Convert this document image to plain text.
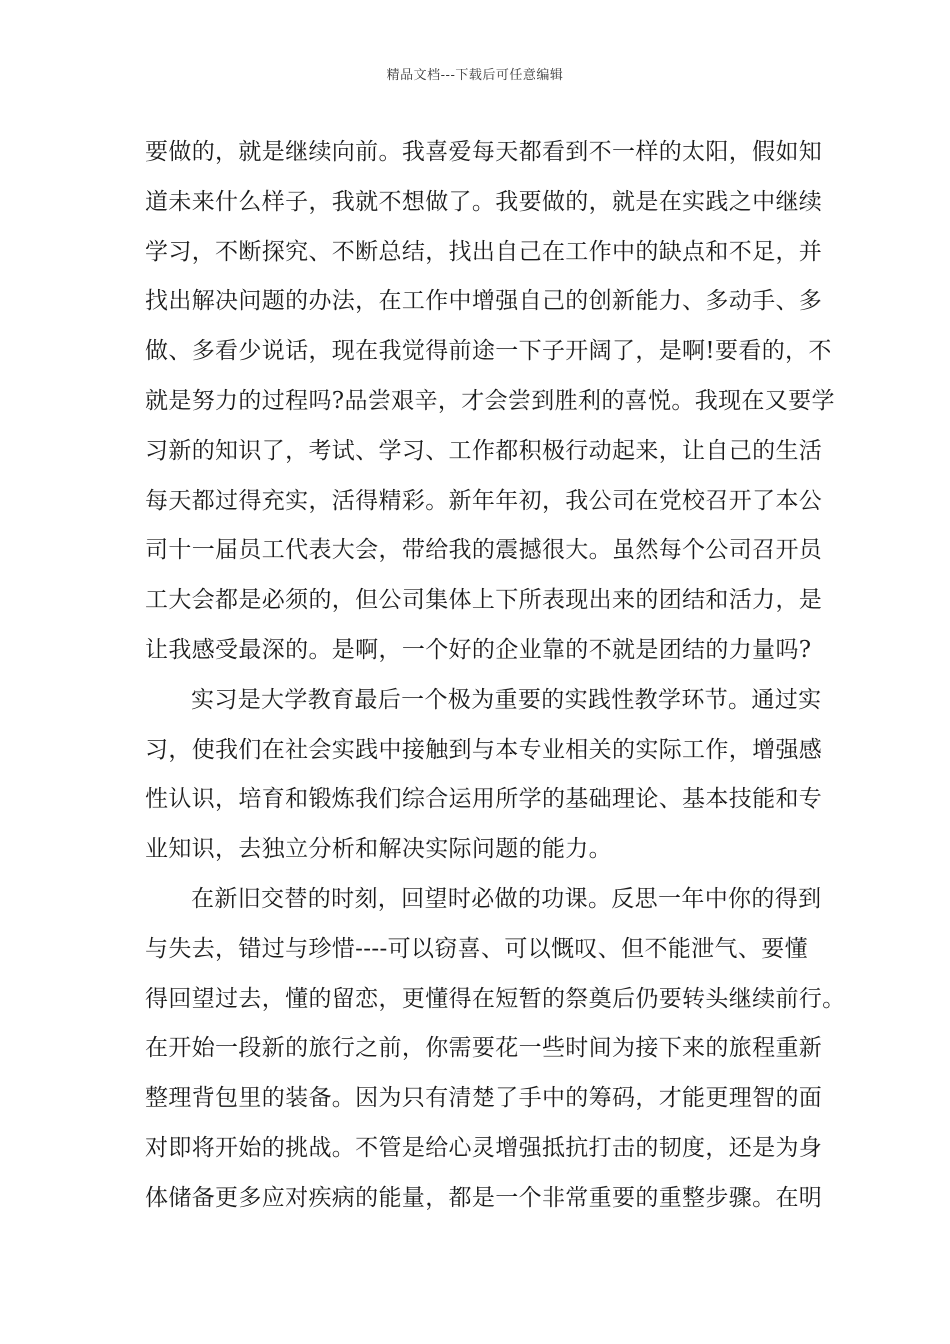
精品文档---下载后可任意编辑
要做的，就是继续向前。我喜爱每天都看到不一样的太阳，假如知
道未来什么样子，我就不想做了。我要做的，就是在实践之中继续
学习，不断探究、不断总结，找出自己在工作中的缺点和不足，并
找出解决问题的办法，在工作中增强自己的创新能力、多动手、多
做、多看少说话，现在我觉得前途一下子开阔了，是啊!要看的，不
就是努力的过程吗?品尝艰辛，才会尝到胜利的喜悦。我现在又要学
习新的知识了，考试、学习、工作都积极行动起来，让自己的生活
每天都过得充实，活得精彩。新年年初，我公司在党校召开了本公
司十一届员工代表大会，带给我的震撼很大。虽然每个公司召开员
工大会都是必须的，但公司集体上下所表现出来的团结和活力，是
让我感受最深的。是啊，一个好的企业靠的不就是团结的力量吗?
实习是大学教育最后一个极为重要的实践性教学环节。通过实
习，使我们在社会实践中接触到与本专业相关的实际工作，增强感
性认识，培育和锻炼我们综合运用所学的基础理论、基本技能和专
业知识，去独立分析和解决实际问题的能力。
在新旧交替的时刻，回望时必做的功课。反思一年中你的得到
与失去，错过与珍惜----可以窃喜、可以慨叹、但不能泄气、要懂
得回望过去，懂的留恋，更懂得在短暂的祭奠后仍要转头继续前行。
在开始一段新的旅行之前，你需要花一些时间为接下来的旅程重新
整理背包里的装备。因为只有清楚了手中的筹码，才能更理智的面
对即将开始的挑战。不管是给心灵增强抵抗打击的韧度，还是为身
体储备更多应对疾病的能量，都是一个非常重要的重整步骤。在明
